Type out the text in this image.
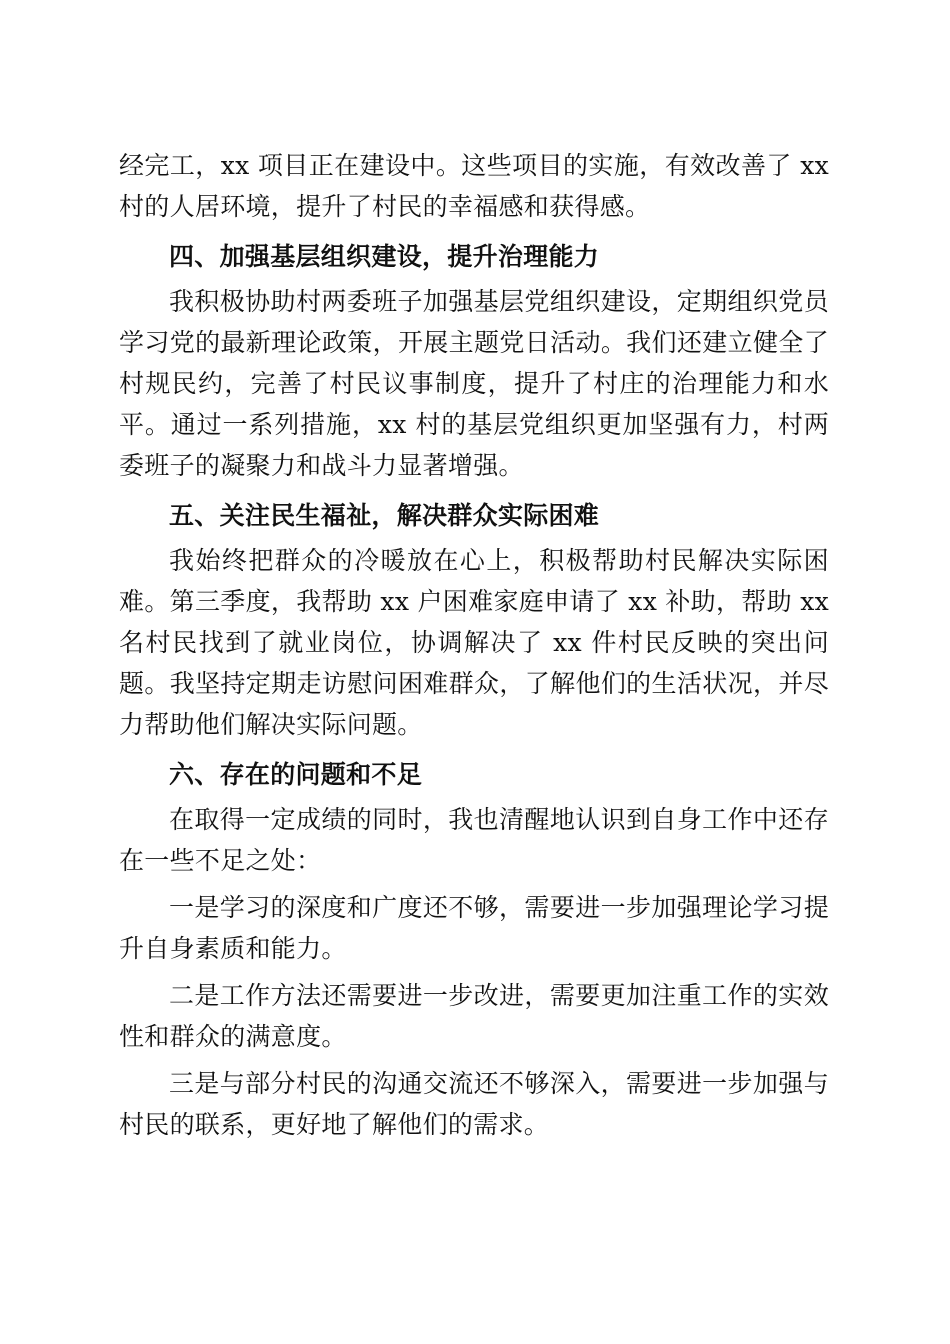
经完工，xx 项目正在建设中。这些项目的实施，有效改善了 xx 村的人居环境，提升了村民的幸福感和获得感。

四、加强基层组织建设，提升治理能力

我积极协助村两委班子加强基层党组织建设，定期组织党员学习党的最新理论政策，开展主题党日活动。我们还建立健全了村规民约，完善了村民议事制度，提升了村庄的治理能力和水平。通过一系列措施，xx 村的基层党组织更加坚强有力，村两委班子的凝聚力和战斗力显著增强。

五、关注民生福祉，解决群众实际困难

我始终把群众的冷暖放在心上，积极帮助村民解决实际困难。第三季度，我帮助 xx 户困难家庭申请了 xx 补助，帮助 xx 名村民找到了就业岗位，协调解决了 xx 件村民反映的突出问题。我坚持定期走访慰问困难群众，了解他们的生活状况，并尽力帮助他们解决实际问题。

六、存在的问题和不足

在取得一定成绩的同时，我也清醒地认识到自身工作中还存在一些不足之处：

一是学习的深度和广度还不够，需要进一步加强理论学习提升自身素质和能力。

二是工作方法还需要进一步改进，需要更加注重工作的实效性和群众的满意度。

三是与部分村民的沟通交流还不够深入，需要进一步加强与村民的联系，更好地了解他们的需求。
